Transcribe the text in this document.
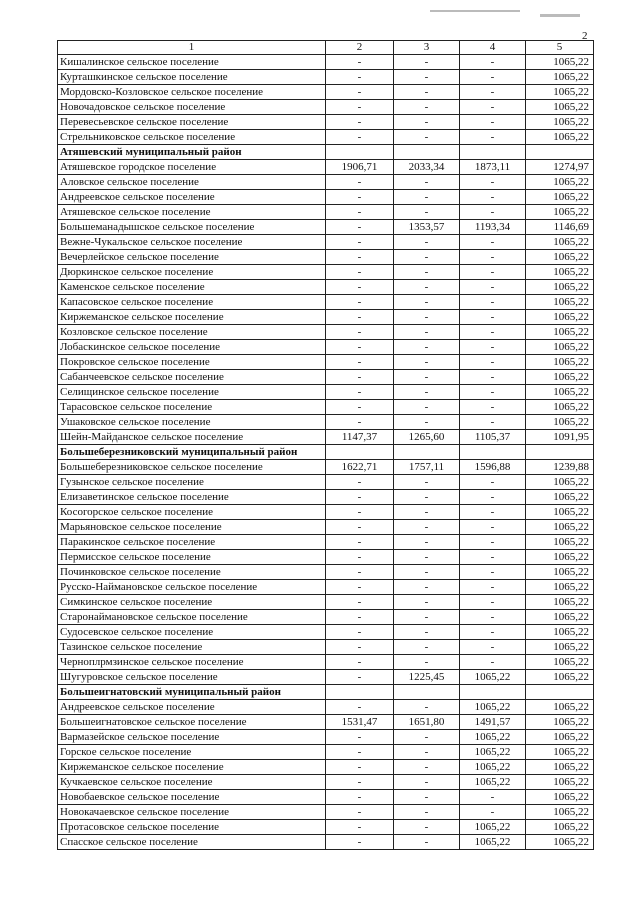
2
1	2	3	4	5
Кишалинское сельское поселение	-	-	-	1065,22
Курташкинское сельское поселение	-	-	-	1065,22
Мордовско-Козловское сельское поселение	-	-	-	1065,22
Новочадовское сельское поселение	-	-	-	1065,22
Перевесьевское сельское поселение	-	-	-	1065,22
Стрельниковское сельское поселение	-	-	-	1065,22
Атяшевский муниципальный район				
Атяшевское городское поселение	1906,71	2033,34	1873,11	1274,97
Аловское сельское поселение	-	-	-	1065,22
Андреевское сельское поселение	-	-	-	1065,22
Атяшевское сельское поселение	-	-	-	1065,22
Большеманадышское сельское поселение	-	1353,57	1193,34	1146,69
Вежне-Чукальское сельское поселение	-	-	-	1065,22
Вечерлейское сельское поселение	-	-	-	1065,22
Дюркинское сельское поселение	-	-	-	1065,22
Каменское сельское поселение	-	-	-	1065,22
Капасовское сельское поселение	-	-	-	1065,22
Киржеманское сельское поселение	-	-	-	1065,22
Козловское сельское поселение	-	-	-	1065,22
Лобаскинское сельское поселение	-	-	-	1065,22
Покровское сельское поселение	-	-	-	1065,22
Сабанчеевское сельское поселение	-	-	-	1065,22
Селищинское сельское поселение	-	-	-	1065,22
Тарасовское сельское поселение	-	-	-	1065,22
Ушаковское сельское поселение	-	-	-	1065,22
Шейн-Майданское сельское поселение	1147,37	1265,60	1105,37	1091,95
Большеберезниковский муниципальный район				
Большеберезниковское сельское поселение	1622,71	1757,11	1596,88	1239,88
Гузынское сельское поселение	-	-	-	1065,22
Елизаветинское сельское поселение	-	-	-	1065,22
Косогорское сельское поселение	-	-	-	1065,22
Марьяновское сельское поселение	-	-	-	1065,22
Паракинское сельское поселение	-	-	-	1065,22
Пермисское сельское поселение	-	-	-	1065,22
Починковское сельское поселение	-	-	-	1065,22
Русско-Наймановское сельское поселение	-	-	-	1065,22
Симкинское сельское поселение	-	-	-	1065,22
Старонаймановское сельское поселение	-	-	-	1065,22
Судосевское сельское поселение	-	-	-	1065,22
Тазинское сельское поселение	-	-	-	1065,22
Черноплрмзинское сельское поселение	-	-	-	1065,22
Шугуровское сельское поселение	-	1225,45	1065,22	1065,22
Большеигнатовский муниципальный район				
Андреевское сельское поселение	-	-	1065,22	1065,22
Большеигнатовское сельское поселение	1531,47	1651,80	1491,57	1065,22
Вармазейское сельское поселение	-	-	1065,22	1065,22
Горское сельское поселение	-	-	1065,22	1065,22
Киржеманское сельское поселение	-	-	1065,22	1065,22
Кучкаевское сельское поселение	-	-	1065,22	1065,22
Новобаевское сельское поселение	-	-	-	1065,22
Новокачаевское сельское поселение	-	-	-	1065,22
Протасовское сельское поселение	-	-	1065,22	1065,22
Спасское сельское поселение	-	-	1065,22	1065,22
